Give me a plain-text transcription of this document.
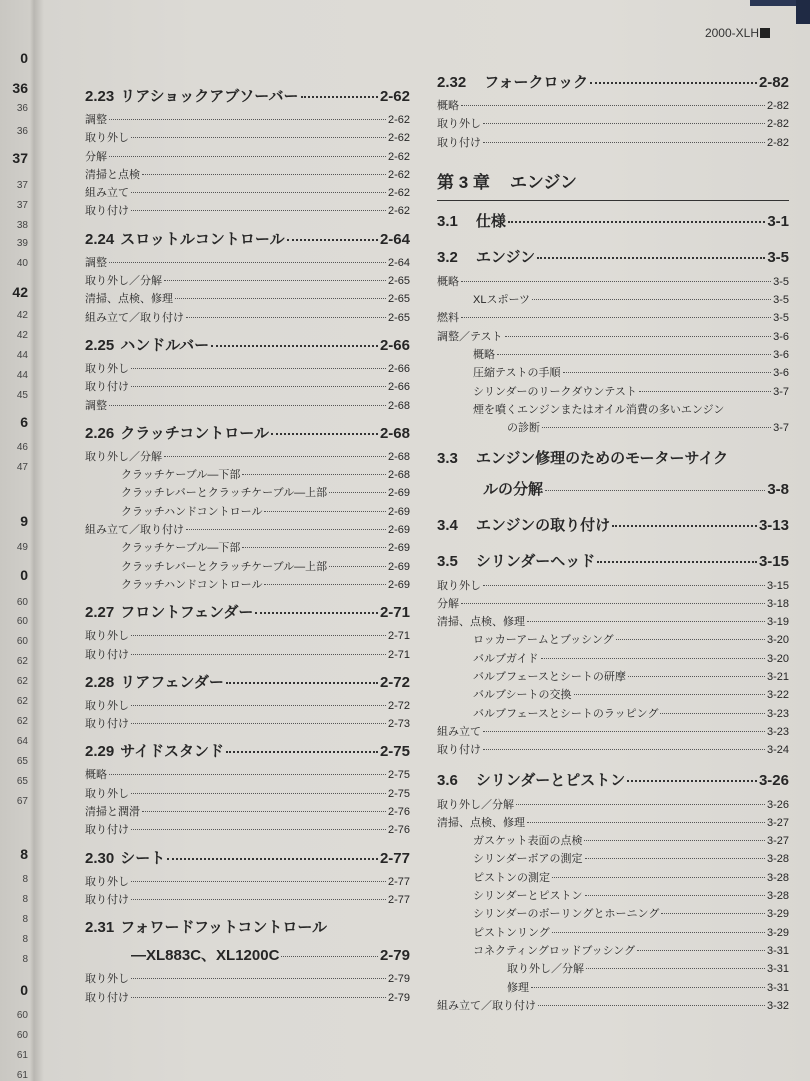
0
36
36
36
37
37
37
38
39
40
42
42
42
44
44
45
6
46
47
9
49
0
60
60
60
62
62
62
62
64
65
65
67
8
8
8
8
8
8
0
60
60
61
61
2000-XLH
2.23 リアショックアブソーバー	2-62
調整	2-62
取り外し	2-62
分解	2-62
清掃と点検	2-62
組み立て	2-62
取り付け	2-62
2.24 スロットルコントロール	2-64
調整	2-64
取り外し／分解	2-65
清掃、点検、修理	2-65
組み立て／取り付け	2-65
2.25 ハンドルバー	2-66
取り外し	2-66
取り付け	2-66
調整	2-68
2.26 クラッチコントロール	2-68
取り外し／分解	2-68
クラッチケーブル—下部	2-68
クラッチレバーとクラッチケーブル—上部	2-69
クラッチハンドコントロール	2-69
組み立て／取り付け	2-69
クラッチケーブル—下部	2-69
クラッチレバーとクラッチケーブル—上部	2-69
クラッチハンドコントロール	2-69
2.27 フロントフェンダー	2-71
取り外し	2-71
取り付け	2-71
2.28 リアフェンダー	2-72
取り外し	2-72
取り付け	2-73
2.29 サイドスタンド	2-75
概略	2-75
取り外し	2-75
清掃と潤滑	2-76
取り付け	2-76
2.30 シート	2-77
取り外し	2-77
取り付け	2-77
2.31 フォワードフットコントロール
—XL883C、XL1200C	2-79
取り外し	2-79
取り付け	2-79
2.32 フォークロック	2-82
概略	2-82
取り外し	2-82
取り付け	2-82
第 3 章 エンジン
3.1 仕様	3-1
3.2 エンジン	3-5
概略	3-5
XLスポーツ	3-5
燃料	3-5
調整／テスト	3-6
概略	3-6
圧縮テストの手順	3-6
シリンダーのリークダウンテスト	3-7
煙を噴くエンジンまたはオイル消費の多いエンジン
の診断	3-7
3.3 エンジン修理のためのモーターサイク
ルの分解	3-8
3.4 エンジンの取り付け	3-13
3.5 シリンダーヘッド	3-15
取り外し	3-15
分解	3-18
清掃、点検、修理	3-19
ロッカーアームとブッシング	3-20
バルブガイド	3-20
バルブフェースとシートの研摩	3-21
バルブシートの交換	3-22
バルブフェースとシートのラッピング	3-23
組み立て	3-23
取り付け	3-24
3.6 シリンダーとピストン	3-26
取り外し／分解	3-26
清掃、点検、修理	3-27
ガスケット表面の点検	3-27
シリンダーボアの測定	3-28
ピストンの測定	3-28
シリンダーとピストン	3-28
シリンダーのボーリングとホーニング	3-29
ピストンリング	3-29
コネクティングロッドブッシング	3-31
取り外し／分解	3-31
修理	3-31
組み立て／取り付け	3-32
